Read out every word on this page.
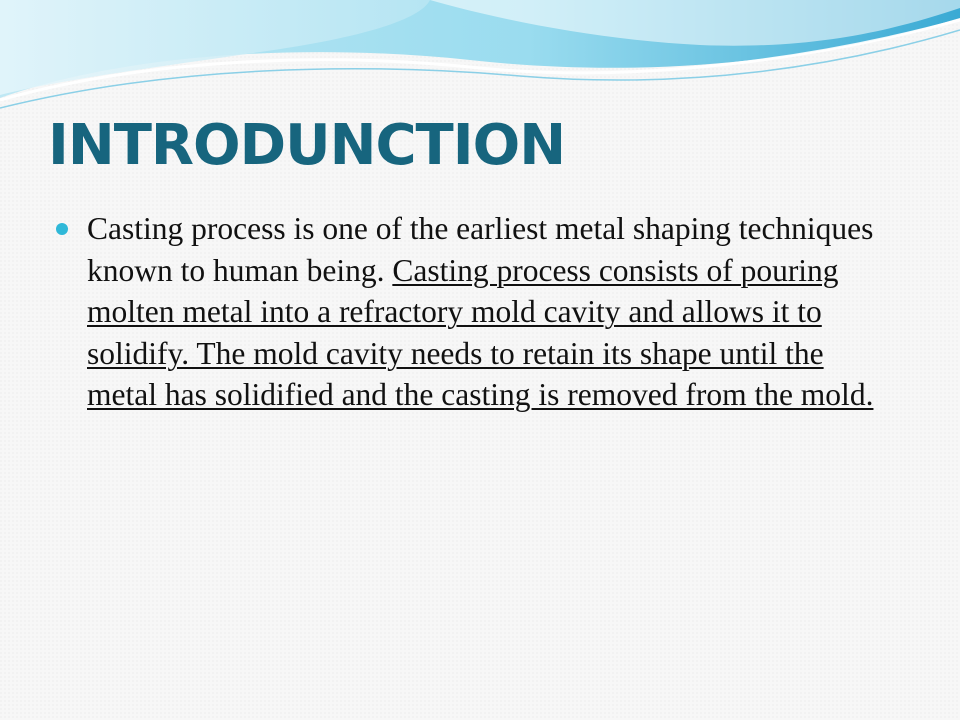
INTRODUNCTION

Casting process is one of the earliest metal shaping techniques known to human being. Casting process consists of pouring molten metal into a refractory mold cavity and allows it to solidify. The mold cavity needs to retain its shape until the metal has solidified and the casting is removed from the mold.
